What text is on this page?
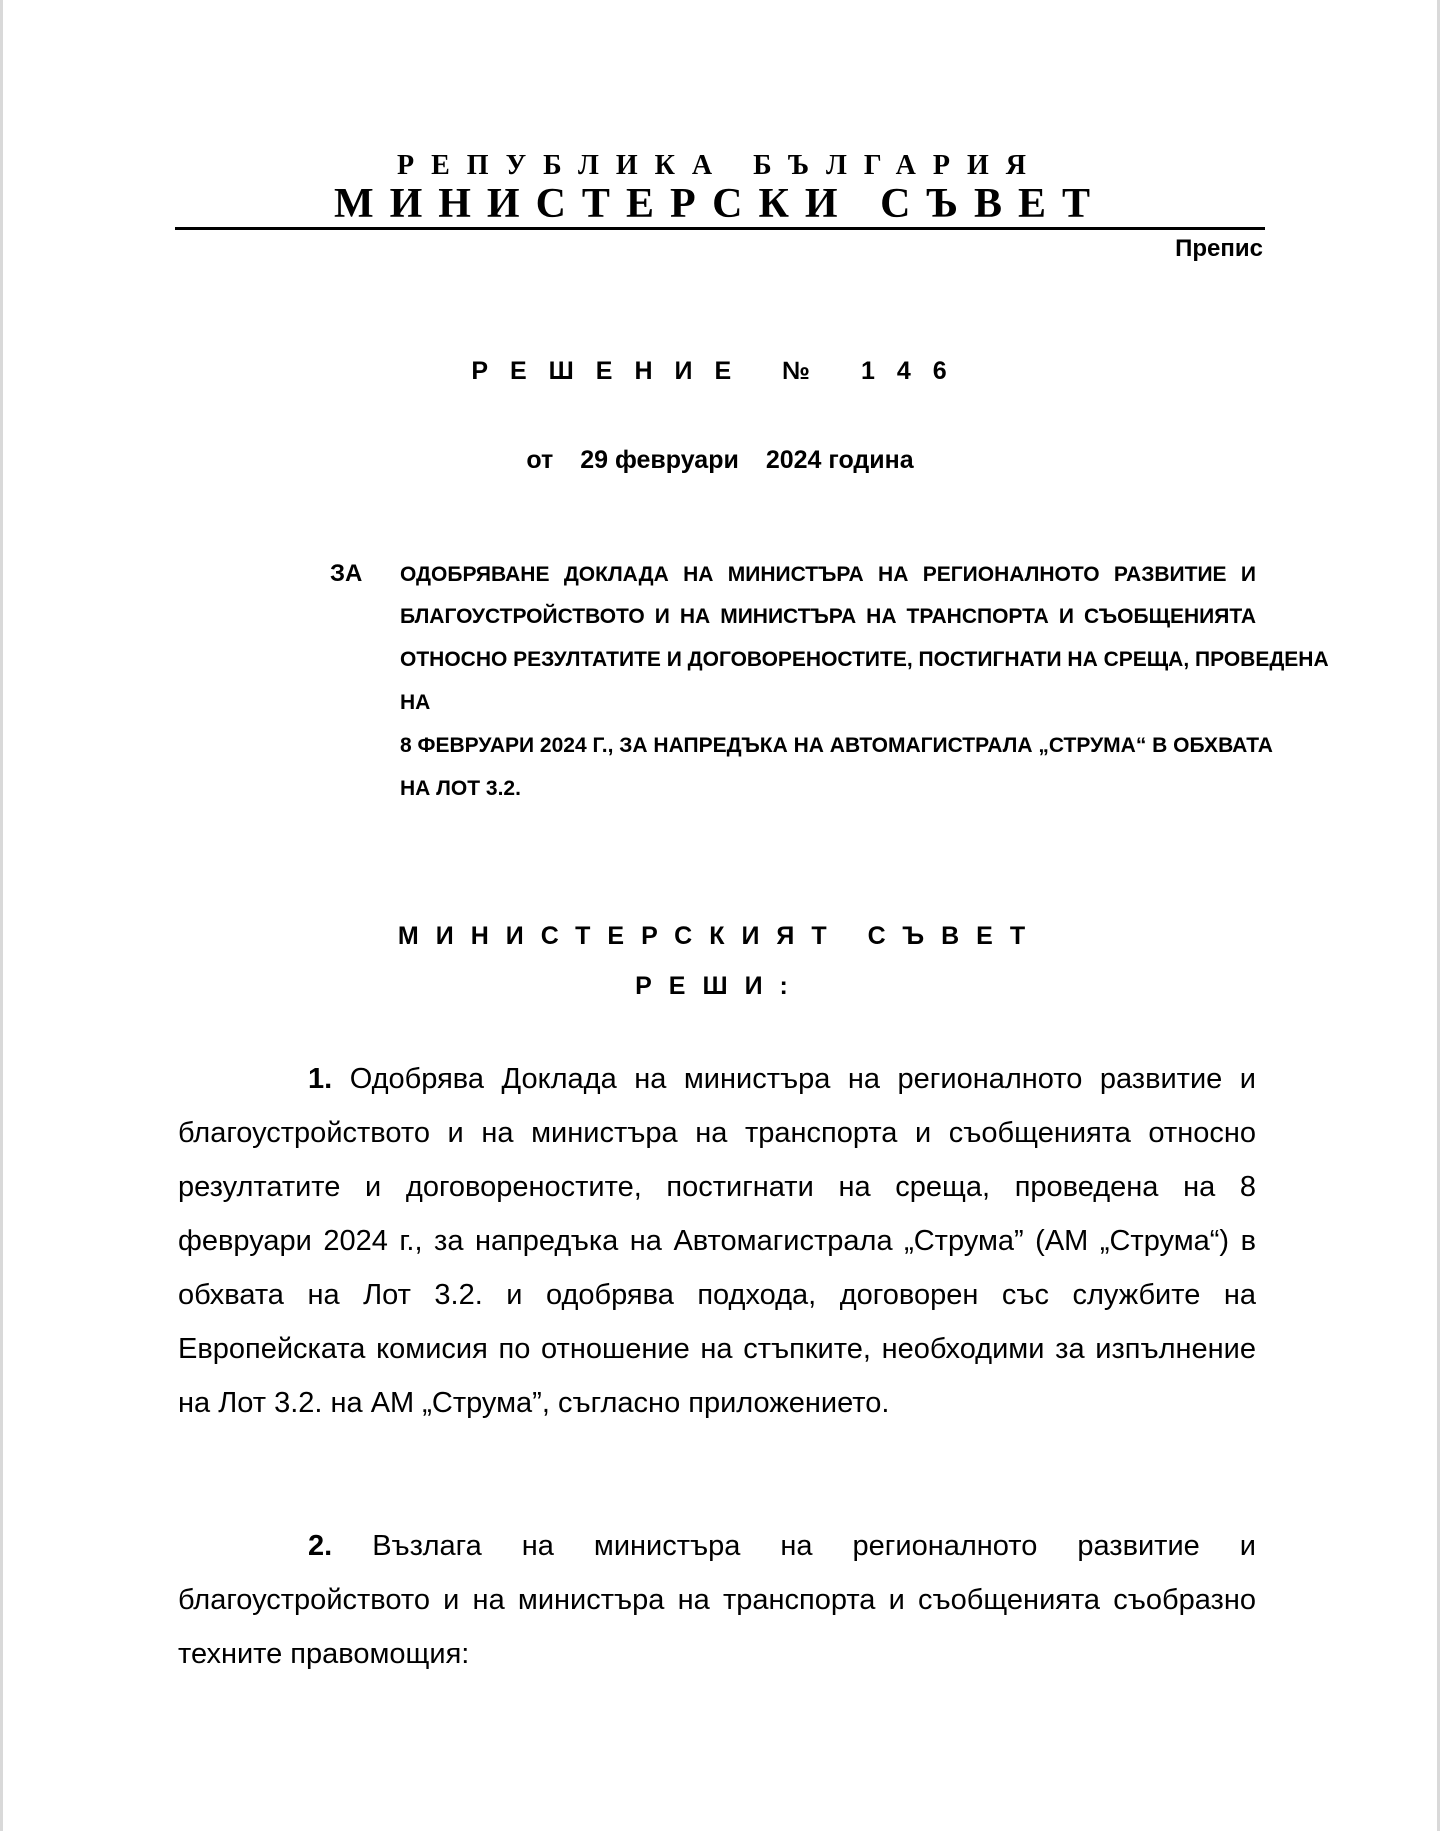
РЕПУБЛИКА БЪЛГАРИЯ
МИНИСТЕРСКИ СЪВЕТ
Препис
РЕШЕНИЕ № 146
от 29 февруари 2024 година
ЗА ОДОБРЯВАНЕ ДОКЛАДА НА МИНИСТЪРА НА РЕГИОНАЛНОТО РАЗВИТИЕ И
БЛАГОУСТРОЙСТВОТО И НА МИНИСТЪРА НА ТРАНСПОРТА И СЪОБЩЕНИЯТА
ОТНОСНО РЕЗУЛТАТИТЕ И ДОГОВОРЕНОСТИТЕ, ПОСТИГНАТИ НА СРЕЩА, ПРОВЕДЕНА
НА
8 ФЕВРУАРИ 2024 Г., ЗА НАПРЕДЪКА НА АВТОМАГИСТРАЛА „СТРУМА“ В ОБХВАТА
НА ЛОТ 3.2.
МИНИСТЕРСКИЯТ СЪВЕТ
РЕШИ:
1. Одобрява Доклада на министъра на регионалното развитие и благоустройството и на министъра на транспорта и съобщенията относно резултатите и договореностите, постигнати на среща, проведена на 8 февруари 2024 г., за напредъка на Автомагистрала „Струма” (АМ „Струма“) в обхвата на Лот 3.2. и одобрява подхода, договорен със службите на Европейската комисия по отношение на стъпките, необходими за изпълнение на Лот 3.2. на АМ „Струма”, съгласно приложението.
2. Възлага на министъра на регионалното развитие и благоустройството и на министъра на транспорта и съобщенията съобразно техните правомощия:
